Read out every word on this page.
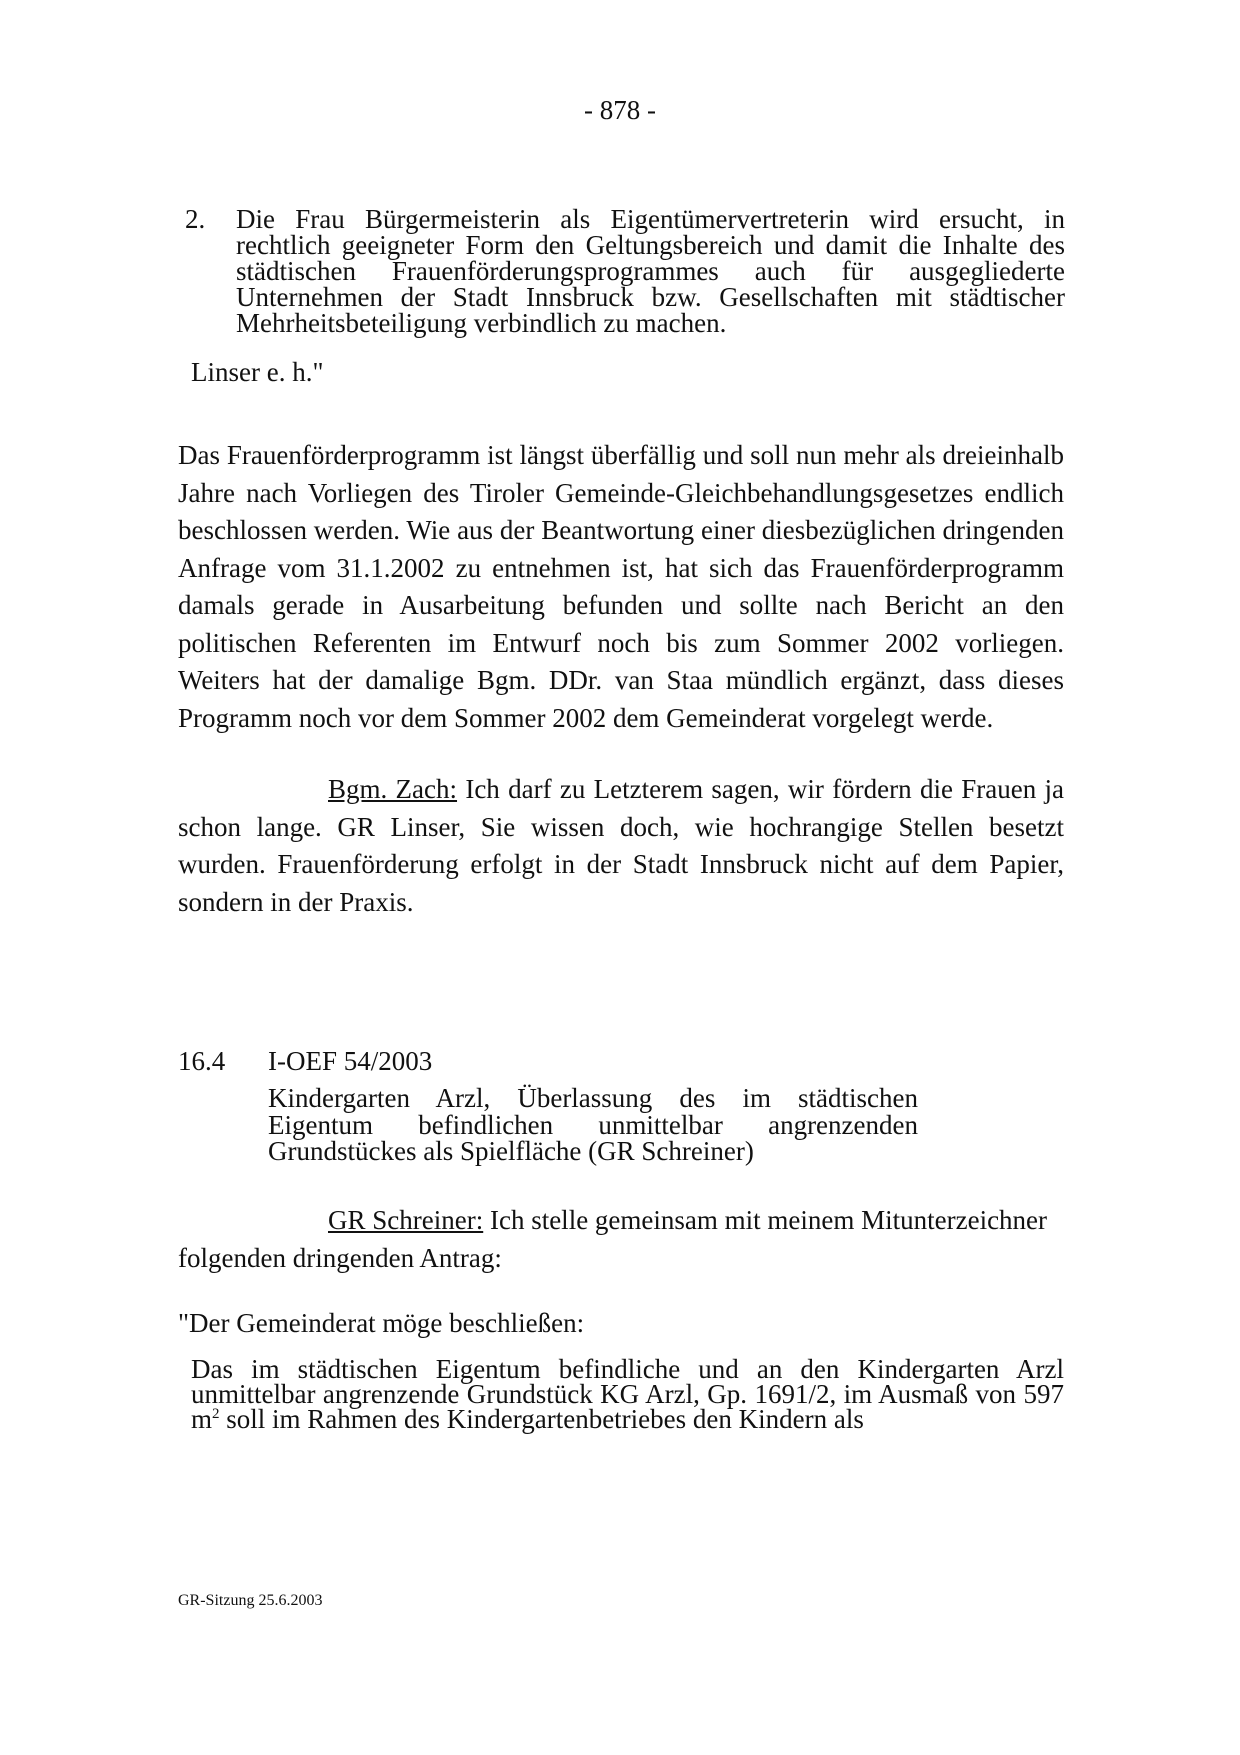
- 878 -
2. Die Frau Bürgermeisterin als Eigentümervertreterin wird ersucht, in rechtlich geeigneter Form den Geltungsbereich und damit die Inhalte des städtischen Frauenförderungsprogrammes auch für ausgegliederte Unternehmen der Stadt Innsbruck bzw. Gesellschaften mit städtischer Mehrheitsbeteiligung verbindlich zu machen.
Linser e. h."
Das Frauenförderprogramm ist längst überfällig und soll nun mehr als dreieinhalb Jahre nach Vorliegen des Tiroler Gemeinde-Gleichbehandlungsgesetzes endlich beschlossen werden. Wie aus der Beantwortung einer diesbezüglichen dringenden Anfrage vom 31.1.2002 zu entnehmen ist, hat sich das Frauenförderprogramm damals gerade in Ausarbeitung befunden und sollte nach Bericht an den politischen Referenten im Entwurf noch bis zum Sommer 2002 vorliegen. Weiters hat der damalige Bgm. DDr. van Staa mündlich ergänzt, dass dieses Programm noch vor dem Sommer 2002 dem Gemeinderat vorgelegt werde.
Bgm. Zach: Ich darf zu Letzterem sagen, wir fördern die Frauen ja schon lange. GR Linser, Sie wissen doch, wie hochrangige Stellen besetzt wurden. Frauenförderung erfolgt in der Stadt Innsbruck nicht auf dem Papier, sondern in der Praxis.
16.4 I-OEF 54/2003
Kindergarten Arzl, Überlassung des im städtischen Eigentum befindlichen unmittelbar angrenzenden Grundstückes als Spielfläche (GR Schreiner)
GR Schreiner: Ich stelle gemeinsam mit meinem Mitunterzeichner folgenden dringenden Antrag:
"Der Gemeinderat möge beschließen:
Das im städtischen Eigentum befindliche und an den Kindergarten Arzl unmittelbar angrenzende Grundstück KG Arzl, Gp. 1691/2, im Ausmaß von 597 $m^2$ soll im Rahmen des Kindergartenbetriebes den Kindern als
GR-Sitzung 25.6.2003
